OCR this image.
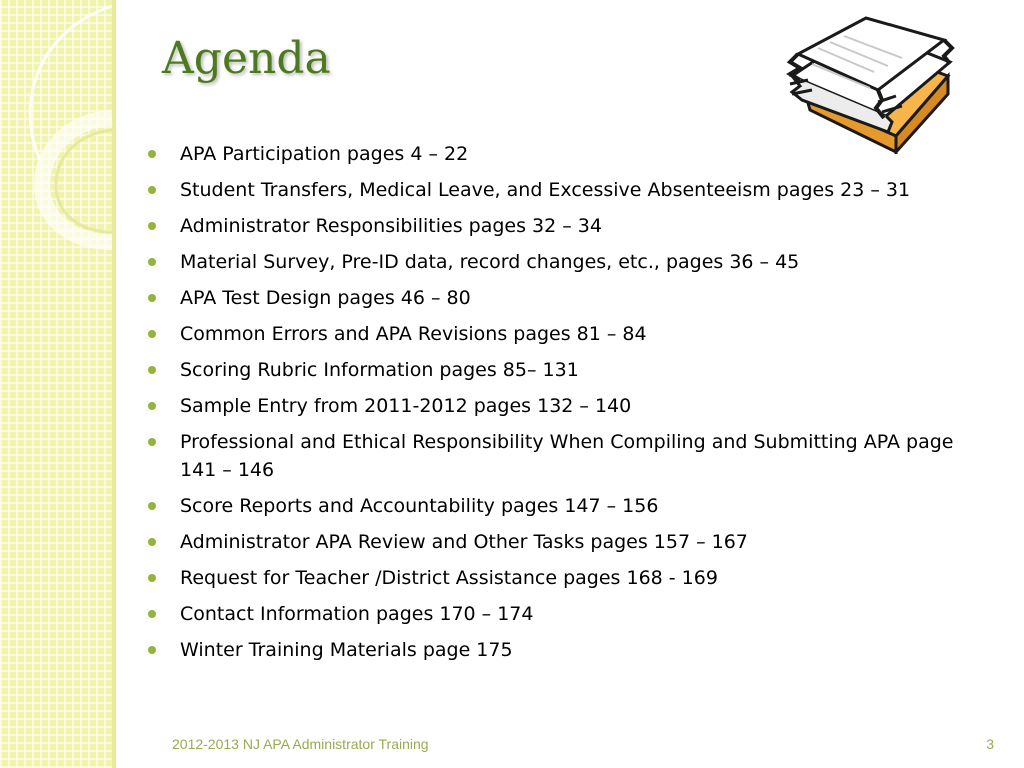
Agenda
APA Participation pages 4 – 22
Student Transfers, Medical Leave, and Excessive Absenteeism pages 23 – 31
Administrator Responsibilities pages 32 – 34
Material Survey, Pre-ID data, record changes, etc., pages 36 – 45
APA Test Design pages 46 – 80
Common Errors and APA Revisions pages 81 – 84
Scoring Rubric Information pages 85– 131
Sample Entry from 2011-2012 pages 132 – 140
Professional and Ethical Responsibility When Compiling and Submitting APA page 141 – 146
Score Reports and Accountability pages 147 – 156
Administrator APA Review and Other Tasks pages 157 – 167
Request for Teacher /District Assistance pages 168 - 169
Contact Information pages 170 – 174
Winter Training Materials page 175
2012-2013 NJ APA Administrator Training	3
